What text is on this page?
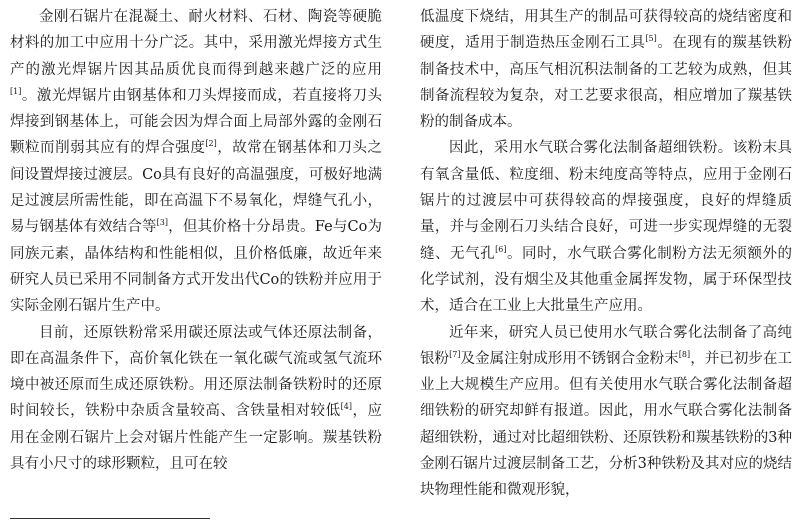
金刚石锯片在混凝土、耐火材料、石材、陶瓷等硬脆材料的加工中应用十分广泛。其中，采用激光焊接方式生产的激光焊锯片因其品质优良而得到越来越广泛的应用[1]。激光焊锯片由钢基体和刀头焊接而成，若直接将刀头焊接到钢基体上，可能会因为焊合面上局部外露的金刚石颗粒而削弱其应有的焊合强度[2]，故常在钢基体和刀头之间设置焊接过渡层。Co具有良好的高温强度，可极好地满足过渡层所需性能，即在高温下不易氧化，焊缝气孔小，易与钢基体有效结合等[3]，但其价格十分昂贵。Fe与Co为同族元素，晶体结构和性能相似，且价格低廉，故近年来研究人员已采用不同制备方式开发出代Co的铁粉并应用于实际金刚石锯片生产中。

目前，还原铁粉常采用碳还原法或气体还原法制备，即在高温条件下，高价氧化铁在一氧化碳气流或氢气流环境中被还原而生成还原铁粉。用还原法制备铁粉时的还原时间较长，铁粉中杂质含量较高、含铁量相对较低[4]，应用在金刚石锯片上会对锯片性能产生一定影响。羰基铁粉具有小尺寸的球形颗粒，且可在较

低温度下烧结，用其生产的制品可获得较高的烧结密度和硬度，适用于制造热压金刚石工具[5]。在现有的羰基铁粉制备技术中，高压气相沉积法制备的工艺较为成熟，但其制备流程较为复杂，对工艺要求很高，相应增加了羰基铁粉的制备成本。

因此，采用水气联合雾化法制备超细铁粉。该粉末具有氧含量低、粒度细、粉末纯度高等特点，应用于金刚石锯片的过渡层中可获得较高的焊接强度，良好的焊缝质量，并与金刚石刀头结合良好，可进一步实现焊缝的无裂缝、无气孔[6]。同时，水气联合雾化制粉方法无须额外的化学试剂，没有烟尘及其他重金属挥发物，属于环保型技术，适合在工业上大批量生产应用。

近年来，研究人员已使用水气联合雾化法制备了高纯银粉[7]及金属注射成形用不锈钢合金粉末[8]，并已初步在工业上大规模生产应用。但有关使用水气联合雾化法制备超细铁粉的研究却鲜有报道。因此，用水气联合雾化法制备超细铁粉，通过对比超细铁粉、还原铁粉和羰基铁粉的3种金刚石锯片过渡层制备工艺，分析3种铁粉及其对应的烧结块物理性能和微观形貌，
